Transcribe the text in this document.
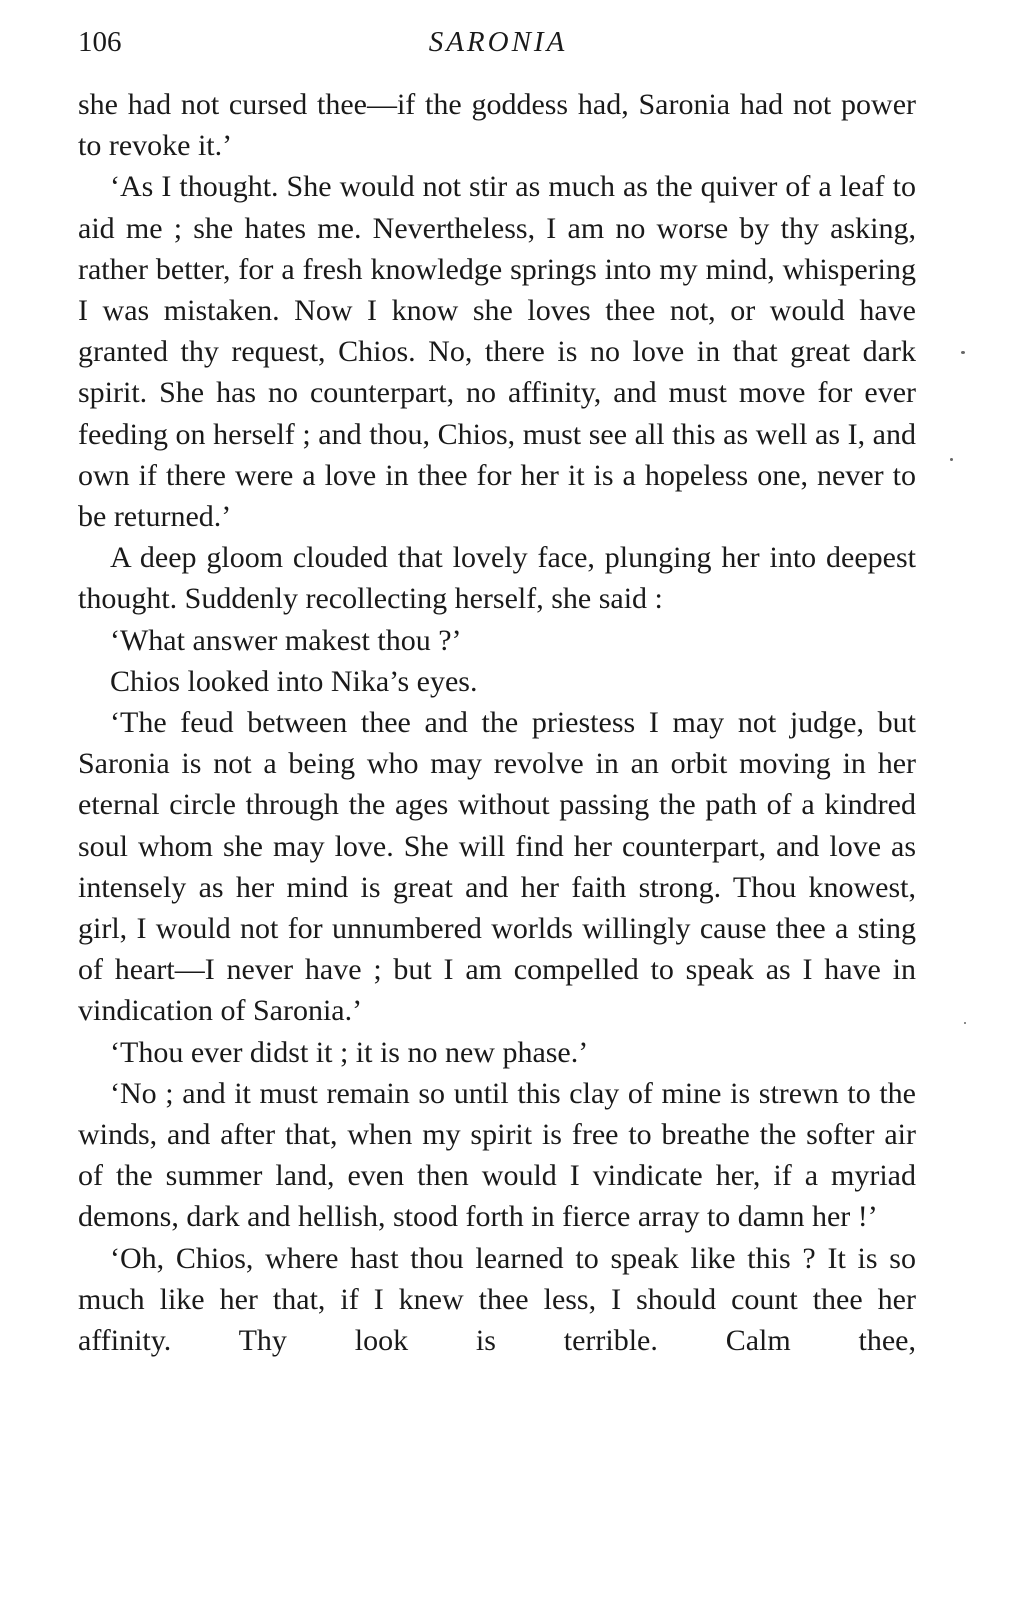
106	SARONIA

she had not cursed thee—if the goddess had, Saronia had not power to revoke it.’

‘As I thought. She would not stir as much as the quiver of a leaf to aid me ; she hates me. Nevertheless, I am no worse by thy asking, rather better, for a fresh knowledge springs into my mind, whispering I was mistaken. Now I know she loves thee not, or would have granted thy request, Chios. No, there is no love in that great dark spirit. She has no counterpart, no affinity, and must move for ever feeding on herself ; and thou, Chios, must see all this as well as I, and own if there were a love in thee for her it is a hopeless one, never to be returned.’

A deep gloom clouded that lovely face, plunging her into deepest thought. Suddenly recollecting herself, she said :

‘What answer makest thou ?’

Chios looked into Nika’s eyes.

‘The feud between thee and the priestess I may not judge, but Saronia is not a being who may revolve in an orbit moving in her eternal circle through the ages without passing the path of a kindred soul whom she may love. She will find her counterpart, and love as intensely as her mind is great and her faith strong. Thou knowest, girl, I would not for unnumbered worlds willingly cause thee a sting of heart—I never have ; but I am compelled to speak as I have in vindication of Saronia.’

‘Thou ever didst it ; it is no new phase.’

‘No ; and it must remain so until this clay of mine is strewn to the winds, and after that, when my spirit is free to breathe the softer air of the summer land, even then would I vindicate her, if a myriad demons, dark and hellish, stood forth in fierce array to damn her !’

‘Oh, Chios, where hast thou learned to speak like this ? It is so much like her that, if I knew thee less, I should count thee her affinity. Thy look is terrible. Calm thee,
